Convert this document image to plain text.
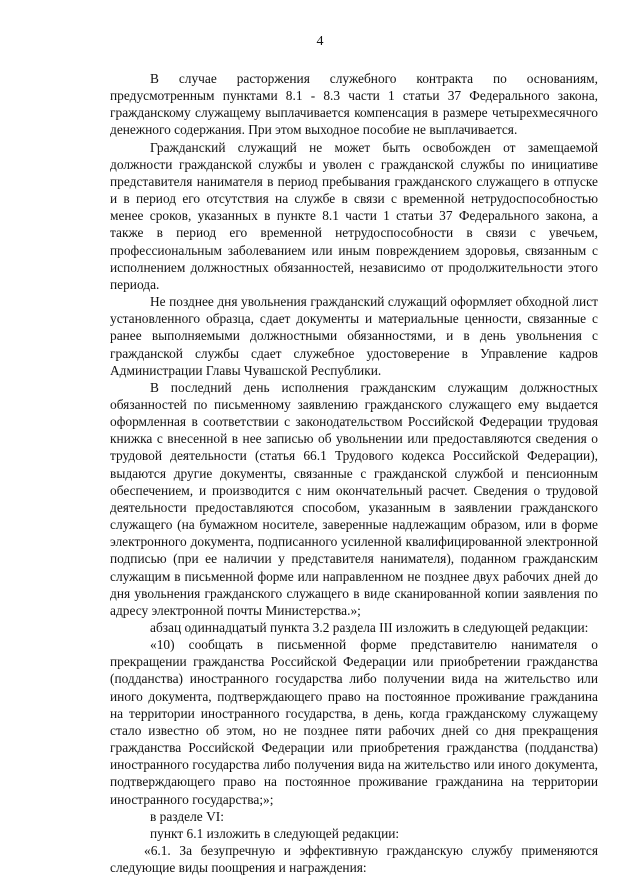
4

В случае расторжения служебного контракта по основаниям, предусмотренным пунктами 8.1 - 8.3 части 1 статьи 37 Федерального закона, гражданскому служащему выплачивается компенсация в размере четырехмесячного денежного содержания. При этом выходное пособие не выплачивается.

Гражданский служащий не может быть освобожден от замещаемой должности гражданской службы и уволен с гражданской службы по инициативе представителя нанимателя в период пребывания гражданского служащего в отпуске и в период его отсутствия на службе в связи с временной нетрудоспособностью менее сроков, указанных в пункте 8.1 части 1 статьи 37 Федерального закона, а также в период его временной нетрудоспособности в связи с увечьем, профессиональным заболеванием или иным повреждением здоровья, связанным с исполнением должностных обязанностей, независимо от продолжительности этого периода.

Не позднее дня увольнения гражданский служащий оформляет обходной лист установленного образца, сдает документы и материальные ценности, связанные с ранее выполняемыми должностными обязанностями, и в день увольнения с гражданской службы сдает служебное удостоверение в Управление кадров Администрации Главы Чувашской Республики.

В последний день исполнения гражданским служащим должностных обязанностей по письменному заявлению гражданского служащего ему выдается оформленная в соответствии с законодательством Российской Федерации трудовая книжка с внесенной в нее записью об увольнении или предоставляются сведения о трудовой деятельности (статья 66.1 Трудового кодекса Российской Федерации), выдаются другие документы, связанные с гражданской службой и пенсионным обеспечением, и производится с ним окончательный расчет. Сведения о трудовой деятельности предоставляются способом, указанным в заявлении гражданского служащего (на бумажном носителе, заверенные надлежащим образом, или в форме электронного документа, подписанного усиленной квалифицированной электронной подписью (при ее наличии у представителя нанимателя), поданном гражданским служащим в письменной форме или направленном не позднее двух рабочих дней до дня увольнения гражданского служащего в виде сканированной копии заявления по адресу электронной почты Министерства.»;

абзац одиннадцатый пункта 3.2 раздела III изложить в следующей редакции:

«10) сообщать в письменной форме представителю нанимателя о прекращении гражданства Российской Федерации или приобретении гражданства (подданства) иностранного государства либо получении вида на жительство или иного документа, подтверждающего право на постоянное проживание гражданина на территории иностранного государства, в день, когда гражданскому служащему стало известно об этом, но не позднее пяти рабочих дней со дня прекращения гражданства Российской Федерации или приобретения гражданства (подданства) иностранного государства либо получения вида на жительство или иного документа, подтверждающего право на постоянное проживание гражданина на территории иностранного государства;»;

в разделе VI:

пункт 6.1 изложить в следующей редакции:

«6.1. За безупречную и эффективную гражданскую службу применяются следующие виды поощрения и награждения:
